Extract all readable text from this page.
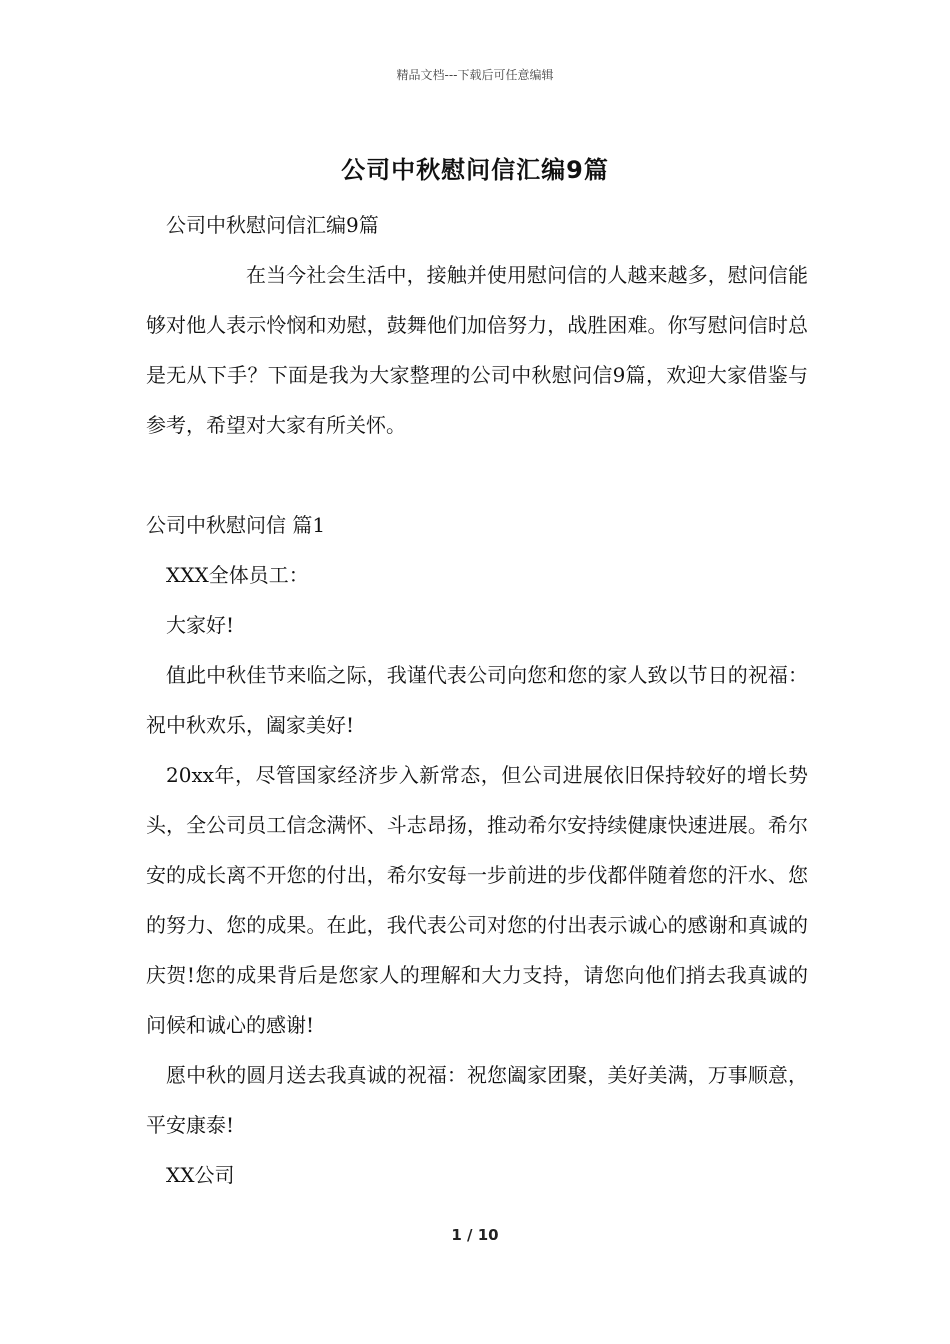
精品文档---下载后可任意编辑
公司中秋慰问信汇编9篇

公司中秋慰问信汇编9篇

在当今社会生活中，接触并使用慰问信的人越来越多，慰问信能够对他人表示怜悯和劝慰，鼓舞他们加倍努力，战胜困难。你写慰问信时总是无从下手？下面是我为大家整理的公司中秋慰问信9篇，欢迎大家借鉴与参考，希望对大家有所关怀。

公司中秋慰问信 篇1

XXX全体员工：

大家好!

值此中秋佳节来临之际，我谨代表公司向您和您的家人致以节日的祝福：祝中秋欢乐，阖家美好!

20xx年，尽管国家经济步入新常态，但公司进展依旧保持较好的增长势头，全公司员工信念满怀、斗志昂扬，推动希尔安持续健康快速进展。希尔安的成长离不开您的付出，希尔安每一步前进的步伐都伴随着您的汗水、您的努力、您的成果。在此，我代表公司对您的付出表示诚心的感谢和真诚的庆贺!您的成果背后是您家人的理解和大力支持，请您向他们捎去我真诚的问候和诚心的感谢!

愿中秋的圆月送去我真诚的祝福：祝您阖家团聚，美好美满，万事顺意，平安康泰!

XX公司

1 / 10
